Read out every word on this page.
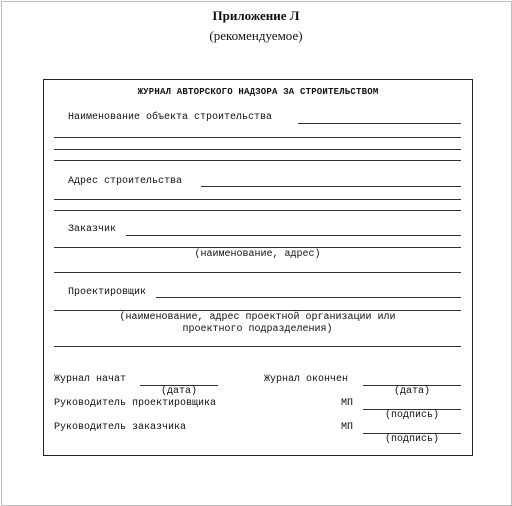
Приложение Л
(рекомендуемое)
ЖУРНАЛ АВТОРСКОГО НАДЗОРА ЗА СТРОИТЕЛЬСТВОМ
Наименование объекта строительства
Адрес строительства
Заказчик
(наименование, адрес)
Проектировщик
(наименование, адрес проектной организации или
проектного подразделения)
Журнал начат
(дата)
Журнал окончен
(дата)
Руководитель проектировщика	МП
(подпись)
Руководитель заказчика	МП
(подпись)
